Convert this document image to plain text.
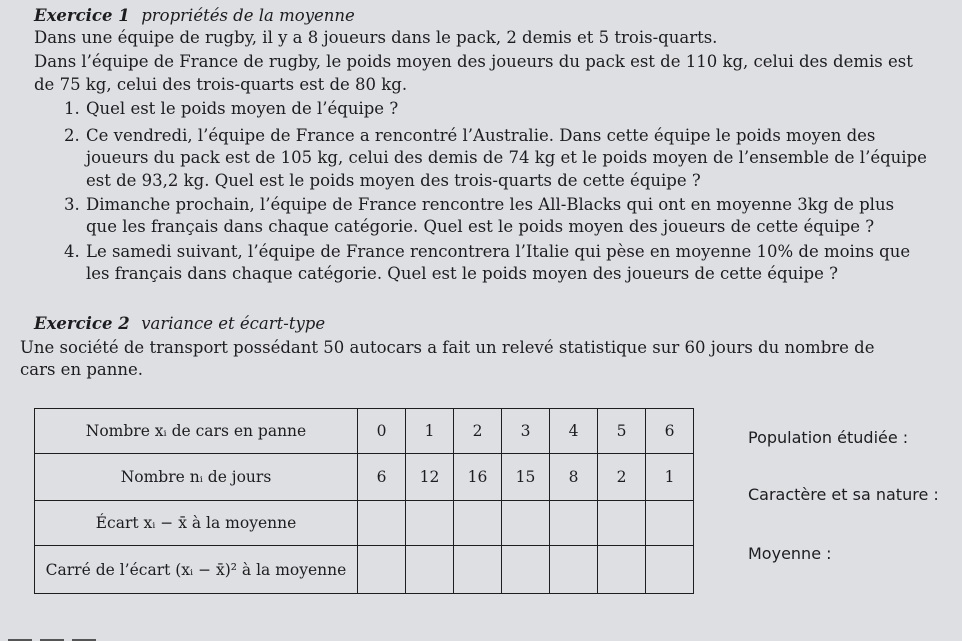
Exercice 1 propriétés de la moyenne
Dans une équipe de rugby, il y a 8 joueurs dans le pack, 2 demis et 5 trois-quarts.
Dans l’équipe de France de rugby, le poids moyen des joueurs du pack est de 110 kg, celui des demis est
de 75 kg, celui des trois-quarts est de 80 kg.
1. Quel est le poids moyen de l’équipe ?
2. Ce vendredi, l’équipe de France a rencontré l’Australie. Dans cette équipe le poids moyen des
joueurs du pack est de 105 kg, celui des demis de 74 kg et le poids moyen de l’ensemble de l’équipe
est de 93,2 kg. Quel est le poids moyen des trois-quarts de cette équipe ?
3. Dimanche prochain, l’équipe de France rencontre les All-Blacks qui ont en moyenne 3kg de plus
que les français dans chaque catégorie. Quel est le poids moyen des joueurs de cette équipe ?
4. Le samedi suivant, l’équipe de France rencontrera l’Italie qui pèse en moyenne 10% de moins que
les français dans chaque catégorie. Quel est le poids moyen des joueurs de cette équipe ?
Exercice 2 variance et écart-type
Une société de transport possédant 50 autocars a fait un relevé statistique sur 60 jours du nombre de
cars en panne.
Nombre xᵢ de cars en panne	0	1	2	3	4	5	6
Nombre nᵢ de jours	6	12	16	15	8	2	1
Écart xᵢ − x̄ à la moyenne							
Carré de l’écart (xᵢ − x̄)² à la moyenne							
Population étudiée :
Caractère et sa nature :
Moyenne :
